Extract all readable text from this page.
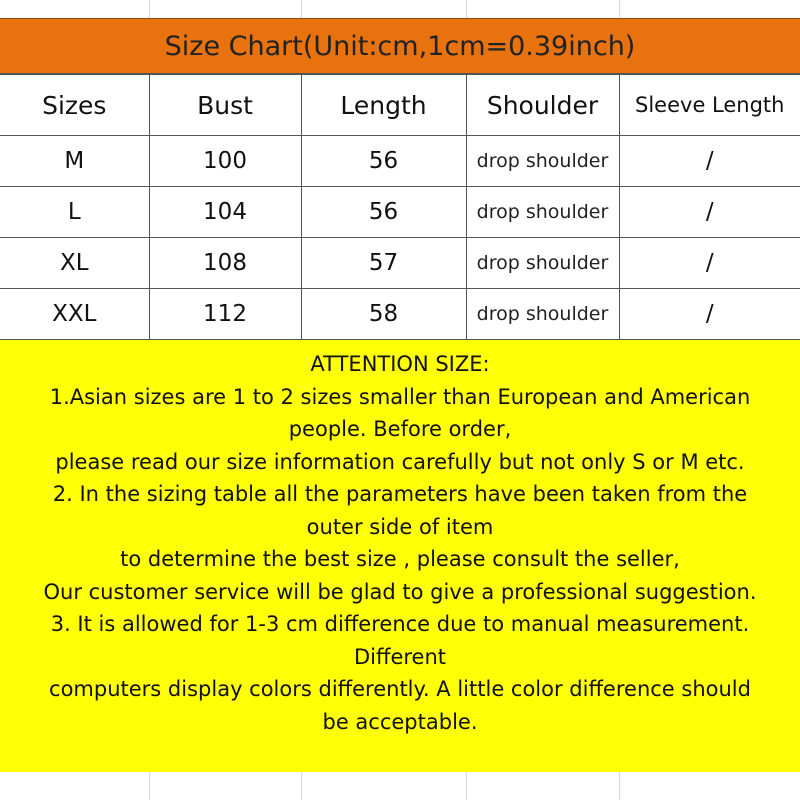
Size Chart(Unit:cm,1cm=0.39inch)
Sizes	Bust	Length	Shoulder	Sleeve Length
M	100	56	drop shoulder	/
L	104	56	drop shoulder	/
XL	108	57	drop shoulder	/
XXL	112	58	drop shoulder	/
ATTENTION SIZE:
1.Asian sizes are 1 to 2 sizes smaller than European and American
people. Before order,
please read our size information carefully but not only S or M etc.
2. In the sizing table all the parameters have been taken from the
outer side of item
to determine the best size , please consult the seller,
Our customer service will be glad to give a professional suggestion.
3. It is allowed for 1-3 cm difference due to manual measurement.
Different
computers display colors differently. A little color difference should
be acceptable.
